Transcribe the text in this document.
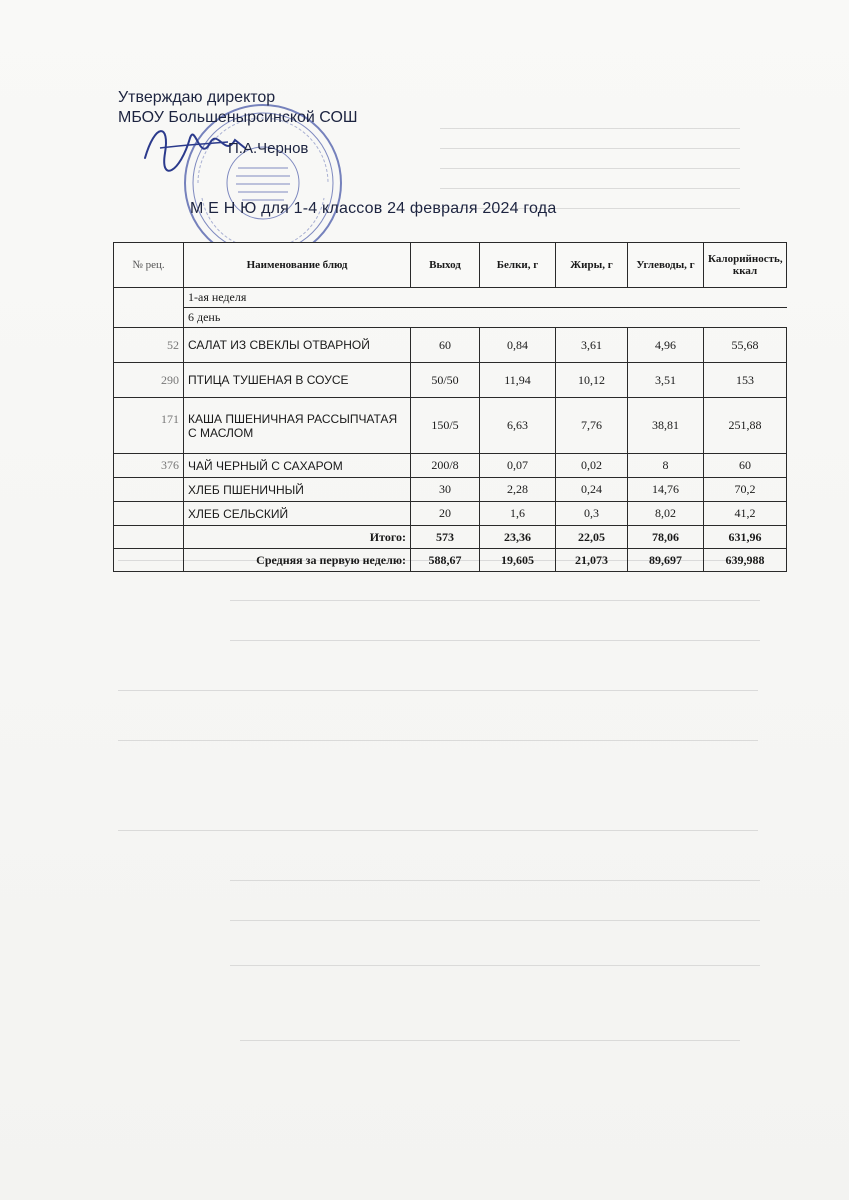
Утверждаю директор
МБОУ Большенырсинской СОШ
П.А.Чернов
М Е Н Ю для 1-4 классов 24 февраля 2024 года
№ рец.	Наименование блюд	Выход	Белки, г	Жиры, г	Углеводы, г	Калорийность, ккал
	1-ая неделя					
	6 день					
52	САЛАТ ИЗ СВЕКЛЫ ОТВАРНОЙ	60	0,84	3,61	4,96	55,68
290	ПТИЦА ТУШЕНАЯ В СОУСЕ	50/50	11,94	10,12	3,51	153
171	КАША ПШЕНИЧНАЯ РАССЫПЧАТАЯ С МАСЛОМ	150/5	6,63	7,76	38,81	251,88
376	ЧАЙ ЧЕРНЫЙ С САХАРОМ	200/8	0,07	0,02	8	60
	ХЛЕБ ПШЕНИЧНЫЙ	30	2,28	0,24	14,76	70,2
	ХЛЕБ СЕЛЬСКИЙ	20	1,6	0,3	8,02	41,2
	Итого:	573	23,36	22,05	78,06	631,96
	Средняя за первую неделю:	588,67	19,605	21,073	89,697	639,988
